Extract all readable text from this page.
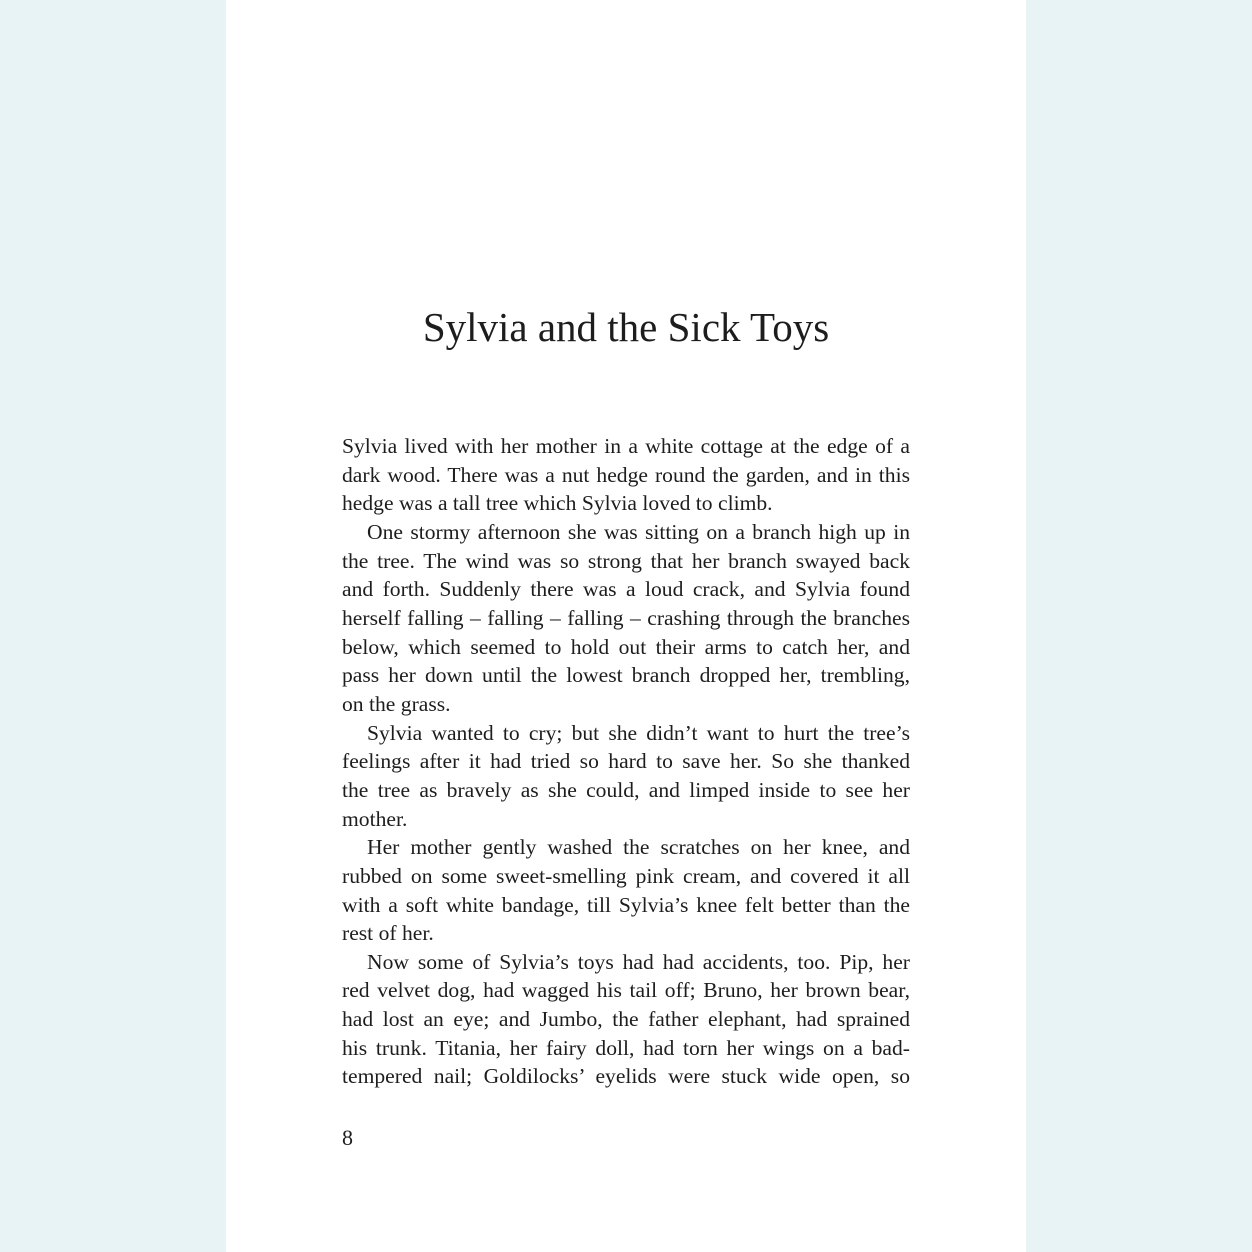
Sylvia and the Sick Toys

Sylvia lived with her mother in a white cottage at the edge of a
dark wood. There was a nut hedge round the garden, and in this
hedge was a tall tree which Sylvia loved to climb.

One stormy afternoon she was sitting on a branch high up in
the tree. The wind was so strong that her branch swayed back
and forth. Suddenly there was a loud crack, and Sylvia found
herself falling – falling – falling – crashing through the branches
below, which seemed to hold out their arms to catch her, and
pass her down until the lowest branch dropped her, trembling,
on the grass.

Sylvia wanted to cry; but she didn’t want to hurt the tree’s
feelings after it had tried so hard to save her. So she thanked
the tree as bravely as she could, and limped inside to see her
mother.

Her mother gently washed the scratches on her knee, and
rubbed on some sweet-smelling pink cream, and covered it all
with a soft white bandage, till Sylvia’s knee felt better than the
rest of her.

Now some of Sylvia’s toys had had accidents, too. Pip, her
red velvet dog, had wagged his tail off; Bruno, her brown bear,
had lost an eye; and Jumbo, the father elephant, had sprained
his trunk. Titania, her fairy doll, had torn her wings on a bad-
tempered nail; Goldilocks’ eyelids were stuck wide open, so

8
